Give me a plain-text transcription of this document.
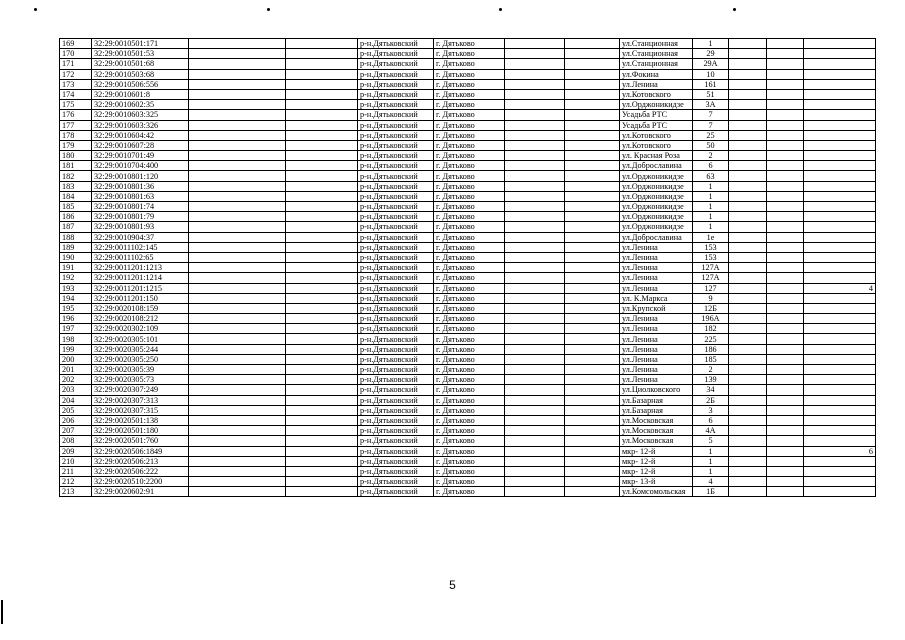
169	32:29:0010501:171			р-н.Дятьковский	г. Дятьково			ул.Станционная	1			
170	32:29:0010501:53			р-н.Дятьковский	г. Дятьково			ул.Станционная	29			
171	32:29:0010501:68			р-н.Дятьковский	г. Дятьково			ул.Станционная	29А			
172	32:29:0010503:68			р-н.Дятьковский	г. Дятьково			ул.Фокина	10			
173	32:29:0010506:556			р-н.Дятьковский	г. Дятьково			ул.Ленина	161			
174	32:29:0010601:8			р-н.Дятьковский	г. Дятьково			ул.Котовского	51			
175	32:29:0010602:35			р-н.Дятьковский	г. Дятьково			ул.Орджоникидзе	3А			
176	32:29:0010603:325			р-н.Дятьковский	г. Дятьково			Усадьба РТС	7			
177	32:29:0010603:326			р-н.Дятьковский	г. Дятьково			Усадьба РТС	7			
178	32:29:0010604:42			р-н.Дятьковский	г. Дятьково			ул.Котовского	25			
179	32:29:0010607:28			р-н.Дятьковский	г. Дятьково			ул.Котовского	50			
180	32:29:0010701:49			р-н.Дятьковский	г. Дятьково			ул. Красная Роза	2			
181	32:29:0010704:400			р-н.Дятьковский	г. Дятьково			ул.Доброславина	6			
182	32:29:0010801:120			р-н.Дятьковский	г. Дятьково			ул.Орджоникидзе	63			
183	32:29:0010801:36			р-н.Дятьковский	г. Дятьково			ул.Орджоникидзе	1			
184	32:29:0010801:63			р-н.Дятьковский	г. Дятьково			ул.Орджоникидзе	1			
185	32:29:0010801:74			р-н.Дятьковский	г. Дятьково			ул.Орджоникидзе	1			
186	32:29:0010801:79			р-н.Дятьковский	г. Дятьково			ул.Орджоникидзе	1			
187	32:29:0010801:93			р-н.Дятьковский	г. Дятьково			ул.Орджоникидзе	1			
188	32:29:0010904:37			р-н.Дятьковский	г. Дятьково			ул.Доброславина	1е			
189	32:29:0011102:145			р-н.Дятьковский	г. Дятьково			ул.Ленина	153			
190	32:29:0011102:65			р-н.Дятьковский	г. Дятьково			ул.Ленина	153			
191	32:29:0011201:1213			р-н.Дятьковский	г. Дятьково			ул.Ленина	127А			
192	32:29:0011201:1214			р-н.Дятьковский	г. Дятьково			ул.Ленина	127А			
193	32:29:0011201:1215			р-н.Дятьковский	г. Дятьково			ул.Ленина	127			4
194	32:29:0011201:150			р-н.Дятьковский	г. Дятьково			ул. К.Маркса	9			
195	32:29:0020108:159			р-н.Дятьковский	г. Дятьково			ул.Крупской	12Б			
196	32:29:0020108:212			р-н.Дятьковский	г. Дятьково			ул.Ленина	196А			
197	32:29:0020302:109			р-н.Дятьковский	г. Дятьково			ул.Ленина	182			
198	32:29:0020305:101			р-н.Дятьковский	г. Дятьково			ул.Ленина	225			
199	32:29:0020305:244			р-н.Дятьковский	г. Дятьково			ул.Ленина	186			
200	32:29:0020305:250			р-н.Дятьковский	г. Дятьково			ул.Ленина	185			
201	32:29:0020305:39			р-н.Дятьковский	г. Дятьково			ул.Ленина	2			
202	32:29:0020305:73			р-н.Дятьковский	г. Дятьково			ул.Ленина	139			
203	32:29:0020307:249			р-н.Дятьковский	г. Дятьково			ул.Циолковского	34			
204	32:29:0020307:313			р-н.Дятьковский	г. Дятьково			ул.Базарная	2Б			
205	32:29:0020307:315			р-н.Дятьковский	г. Дятьково			ул.Базарная	3			
206	32:29:0020501:138			р-н.Дятьковский	г. Дятьково			ул.Московская	6			
207	32:29:0020501:180			р-н.Дятьковский	г. Дятьково			ул.Московская	4А			
208	32:29:0020501:760			р-н.Дятьковский	г. Дятьково			ул.Московская	5			
209	32:29:0020506:1849			р-н.Дятьковский	г. Дятьково			мкр- 12-й	1			6
210	32:29:0020506:213			р-н.Дятьковский	г. Дятьково			мкр- 12-й	1			
211	32:29:0020506:222			р-н.Дятьковский	г. Дятьково			мкр- 12-й	1			
212	32:29:0020510:2200			р-н.Дятьковский	г. Дятьково			мкр- 13-й	4			
213	32:29:0020602:91			р-н.Дятьковский	г. Дятьково			ул.Комсомольская	1Б			
5
